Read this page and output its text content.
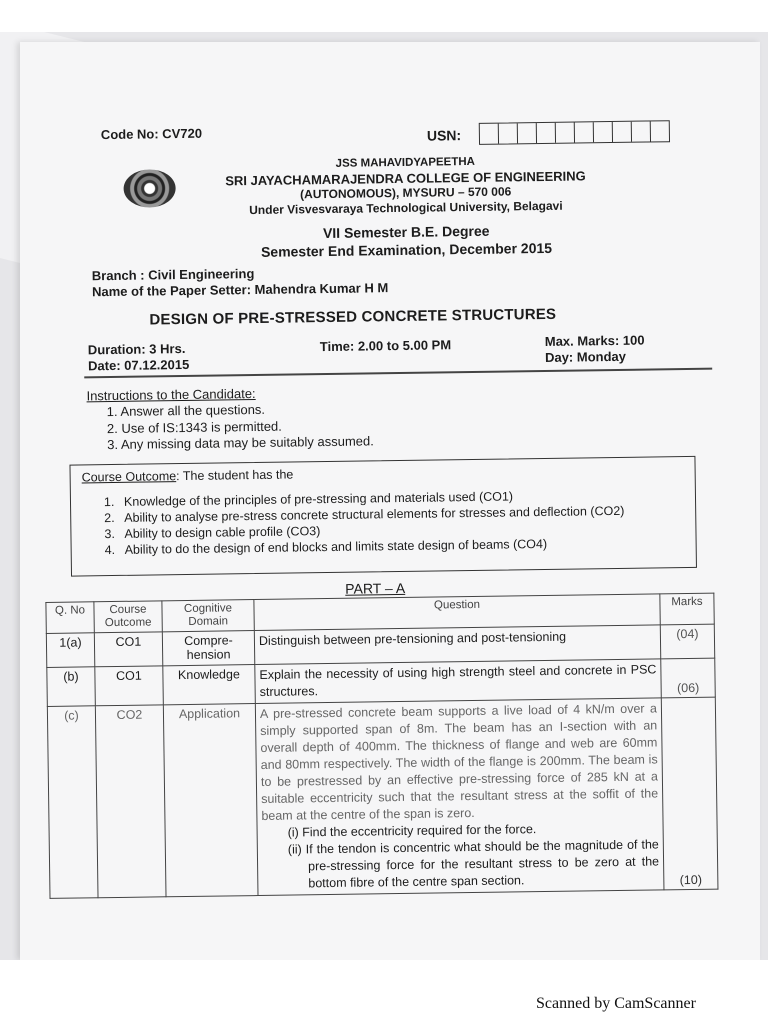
Code No: CV720	USN:
JSS MAHAVIDYAPEETHA
SRI JAYACHAMARAJENDRA COLLEGE OF ENGINEERING
(AUTONOMOUS), MYSURU – 570 006
Under Visvesvaraya Technological University, Belagavi
VII Semester B.E. Degree
Semester End Examination, December 2015
Branch : Civil Engineering
Name of the Paper Setter: Mahendra Kumar H M
DESIGN OF PRE-STRESSED CONCRETE STRUCTURES
Duration: 3 Hrs.
Date: 07.12.2015
Time: 2.00 to 5.00 PM	Max. Marks: 100
Day: Monday
Instructions to the Candidate:
1. Answer all the questions.
2. Use of IS:1343 is permitted.
3. Any missing data may be suitably assumed.
Course Outcome: The student has the
1. Knowledge of the principles of pre-stressing and materials used (CO1)
2. Ability to analyse pre-stress concrete structural elements for stresses and deflection (CO2)
3. Ability to design cable profile (CO3)
4. Ability to do the design of end blocks and limits state design of beams (CO4)
PART – A
Q. No	Course Outcome	Cognitive Domain	Question	Marks
1(a)	CO1	Compre-hension	Distinguish between pre-tensioning and post-tensioning	(04)
(b)	CO1	Knowledge	Explain the necessity of using high strength steel and concrete in PSC structures.	(06)
(c)	CO2	Application	A pre-stressed concrete beam supports a live load of 4 kN/m over a simply supported span of 8m. The beam has an I-section with an overall depth of 400mm. The thickness of flange and web are 60mm and 80mm respectively. The width of the flange is 200mm. The beam is to be prestressed by an effective pre-stressing force of 285 kN at a suitable eccentricity such that the resultant stress at the soffit of the beam at the centre of the span is zero.
(i) Find the eccentricity required for the force.
(ii) If the tendon is concentric what should be the magnitude of the pre-stressing force for the resultant stress to be zero at the bottom fibre of the centre span section.	(10)
Scanned by CamScanner
